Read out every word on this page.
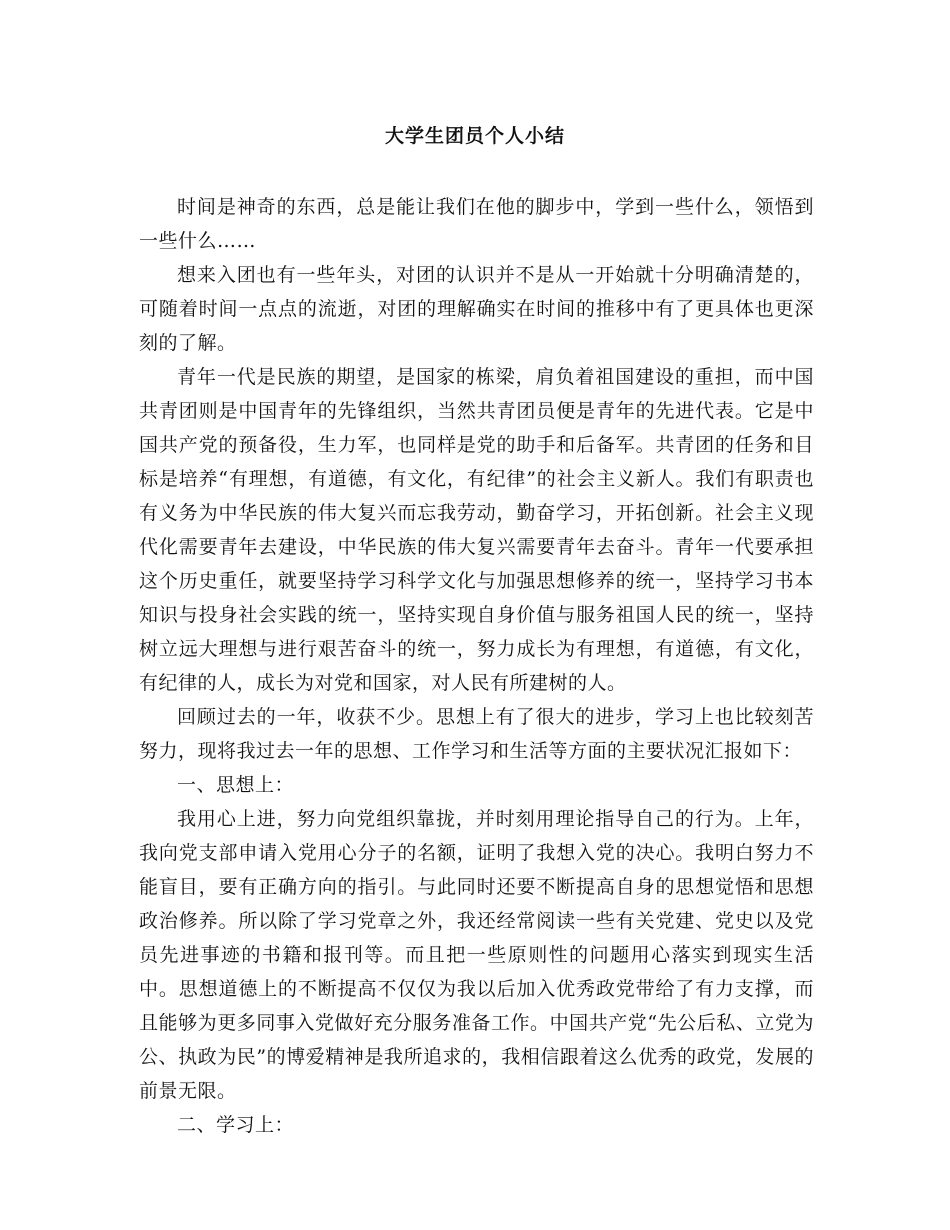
大学生团员个人小结

时间是神奇的东西，总是能让我们在他的脚步中，学到一些什么，领悟到一些什么……

想来入团也有一些年头，对团的认识并不是从一开始就十分明确清楚的，可随着时间一点点的流逝，对团的理解确实在时间的推移中有了更具体也更深刻的了解。

青年一代是民族的期望，是国家的栋梁，肩负着祖国建设的重担，而中国共青团则是中国青年的先锋组织，当然共青团员便是青年的先进代表。它是中国共产党的预备役，生力军，也同样是党的助手和后备军。共青团的任务和目标是培养“有理想，有道德，有文化，有纪律”的社会主义新人。我们有职责也有义务为中华民族的伟大复兴而忘我劳动，勤奋学习，开拓创新。社会主义现代化需要青年去建设，中华民族的伟大复兴需要青年去奋斗。青年一代要承担这个历史重任，就要坚持学习科学文化与加强思想修养的统一，坚持学习书本知识与投身社会实践的统一，坚持实现自身价值与服务祖国人民的统一，坚持树立远大理想与进行艰苦奋斗的统一，努力成长为有理想，有道德，有文化，有纪律的人，成长为对党和国家，对人民有所建树的人。

回顾过去的一年，收获不少。思想上有了很大的进步，学习上也比较刻苦努力，现将我过去一年的思想、工作学习和生活等方面的主要状况汇报如下：

一、思想上：

我用心上进，努力向党组织靠拢，并时刻用理论指导自己的行为。上年，我向党支部申请入党用心分子的名额，证明了我想入党的决心。我明白努力不能盲目，要有正确方向的指引。与此同时还要不断提高自身的思想觉悟和思想政治修养。所以除了学习党章之外，我还经常阅读一些有关党建、党史以及党员先进事迹的书籍和报刊等。而且把一些原则性的问题用心落实到现实生活中。思想道德上的不断提高不仅仅为我以后加入优秀政党带给了有力支撑，而且能够为更多同事入党做好充分服务准备工作。中国共产党“先公后私、立党为公、执政为民”的博爱精神是我所追求的，我相信跟着这么优秀的政党，发展的前景无限。

二、学习上：
